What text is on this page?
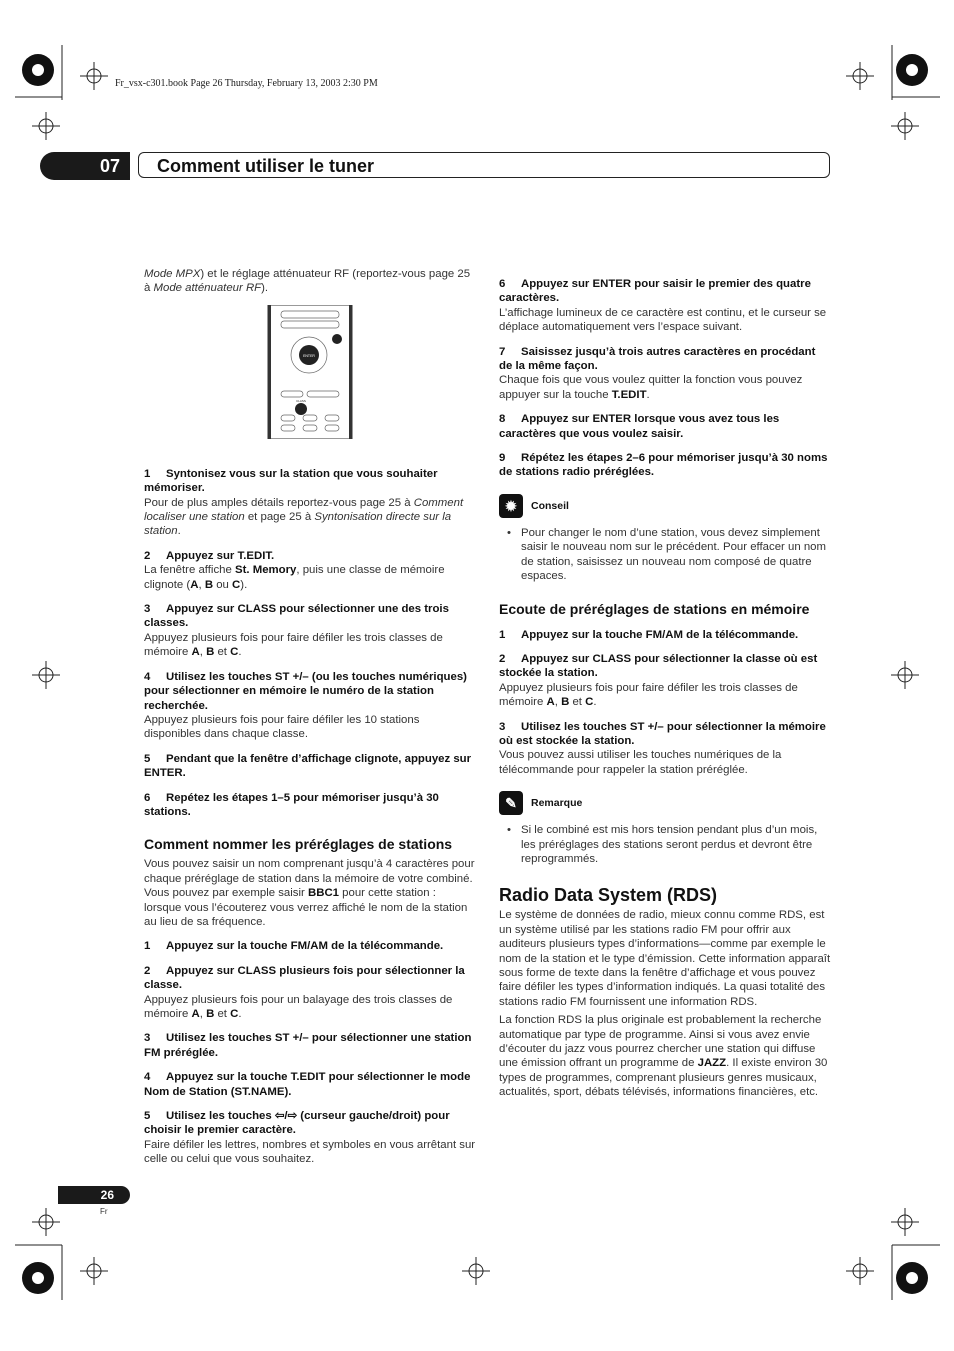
Fr_vsx-c301.book Page 26 Thursday, February 13, 2003 2:30 PM
07	Comment utiliser le tuner
ENTER
CLASS

Mode MPX) et le réglage atténuateur RF (reportez-vous page 25 à Mode atténuateur RF).

1 Syntonisez vous sur la station que vous souhaiter mémoriser.

Pour de plus amples détails reportez-vous page 25 à Comment localiser une station et page 25 à Syntonisation directe sur la station.

2 Appuyez sur T.EDIT.

La fenêtre affiche St. Memory, puis une classe de mémoire clignote (A, B ou C).

3 Appuyez sur CLASS pour sélectionner une des trois classes.

Appuyez plusieurs fois pour faire défiler les trois classes de mémoire A, B et C.

4 Utilisez les touches ST +/– (ou les touches numériques) pour sélectionner en mémoire le numéro de la station recherchée.

Appuyez plusieurs fois pour faire défiler les 10 stations disponibles dans chaque classe.

5 Pendant que la fenêtre d’affichage clignote, appuyez sur ENTER.

6 Repétez les étapes 1–5 pour mémoriser jusqu’à 30 stations.

Comment nommer les préréglages de stations

Vous pouvez saisir un nom comprenant jusqu’à 4 caractères pour chaque préréglage de station dans la mémoire de votre combiné. Vous pouvez par exemple saisir BBC1 pour cette station : lorsque vous l’écouterez vous verrez affiché le nom de la station au lieu de sa fréquence.

1 Appuyez sur la touche FM/AM de la télécommande.

2 Appuyez sur CLASS plusieurs fois pour sélectionner la classe.

Appuyez plusieurs fois pour un balayage des trois classes de mémoire A, B et C.

3 Utilisez les touches ST +/– pour sélectionner une station FM préréglée.

4 Appuyez sur la touche T.EDIT pour sélectionner le mode Nom de Station (ST.NAME).

5 Utilisez les touches ⇦/⇨ (curseur gauche/droit) pour choisir le premier caractère.

Faire défiler les lettres, nombres et symboles en vous arrêtant sur celle ou celui que vous souhaitez.

6 Appuyez sur ENTER pour saisir le premier des quatre caractères.

L’affichage lumineux de ce caractère est continu, et le curseur se déplace automatiquement vers l’espace suivant.

7 Saisissez jusqu’à trois autres caractères en procédant de la même façon.

Chaque fois que vous voulez quitter la fonction vous pouvez appuyer sur la touche T.EDIT.

8 Appuyez sur ENTER lorsque vous avez tous les caractères que vous voulez saisir.

9 Répétez les étapes 2–6 pour mémoriser jusqu’à 30 noms de stations radio préréglées.

✹	Conseil

• Pour changer le nom d’une station, vous devez simplement saisir le nouveau nom sur le précédent. Pour effacer un nom de station, saisissez un nouveau nom composé de quatre espaces.

Ecoute de préréglages de stations en mémoire

1 Appuyez sur la touche FM/AM de la télécommande.

2 Appuyez sur CLASS pour sélectionner la classe où est stockée la station.

Appuyez plusieurs fois pour faire défiler les trois classes de mémoire A, B et C.

3 Utilisez les touches ST +/– pour sélectionner la mémoire où est stockée la station.

Vous pouvez aussi utiliser les touches numériques de la télécommande pour rappeler la station préréglée.

✎	Remarque

• Si le combiné est mis hors tension pendant plus d’un mois, les préréglages des stations seront perdus et devront être reprogrammés.

Radio Data System (RDS)

Le système de données de radio, mieux connu comme RDS, est un système utilisé par les stations radio FM pour offrir aux auditeurs plusieurs types d’informations—comme par exemple le nom de la station et le type d’émission. Cette information apparaît sous forme de texte dans la fenêtre d’affichage et vous pouvez faire défiler les types d’information indiqués. La quasi totalité des stations radio FM fournissent une information RDS.

La fonction RDS la plus originale est probablement la recherche automatique par type de programme. Ainsi si vous avez envie d’écouter du jazz vous pourrez chercher une station qui diffuse une émission offrant un programme de JAZZ. Il existe environ 30 types de programmes, comprenant plusieurs genres musicaux, actualités, sport, débats télévisés, informations financières, etc.

26
Fr
